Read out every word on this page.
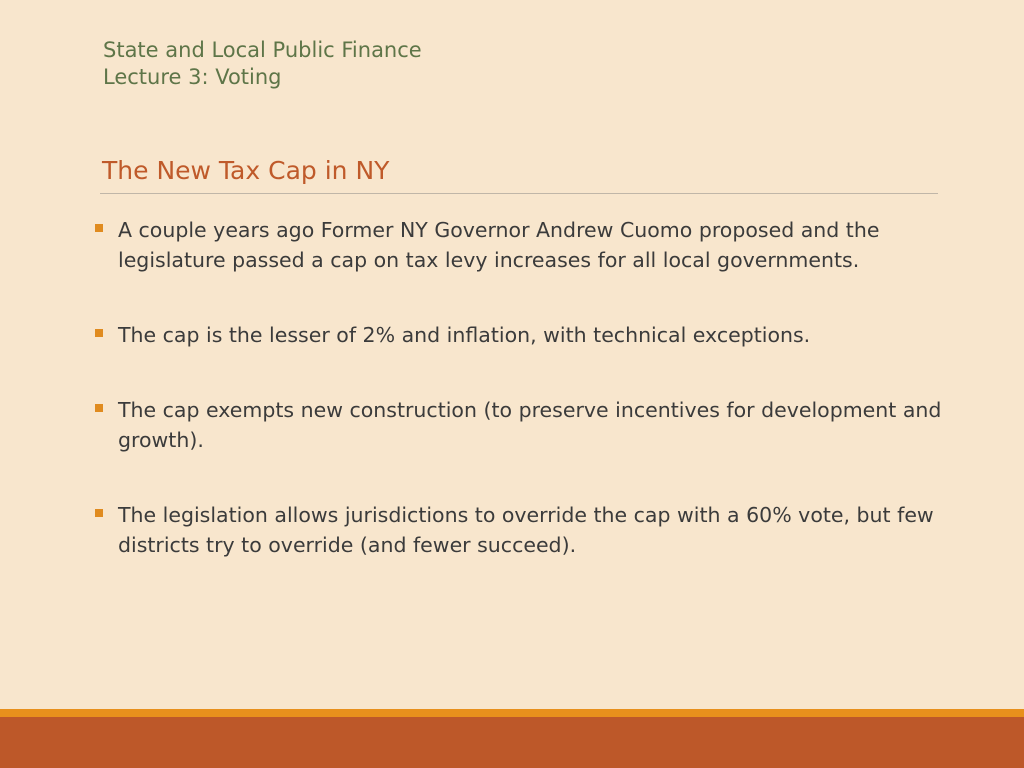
State and Local Public Finance
Lecture 3: Voting
The New Tax Cap in NY
A couple years ago Former NY Governor Andrew Cuomo proposed and the legislature passed a cap on tax levy increases for all local governments.
The cap is the lesser of 2% and inflation, with technical exceptions.
The cap exempts new construction (to preserve incentives for development and growth).
The legislation allows jurisdictions to override the cap with a 60% vote, but few districts try to override (and fewer succeed).
